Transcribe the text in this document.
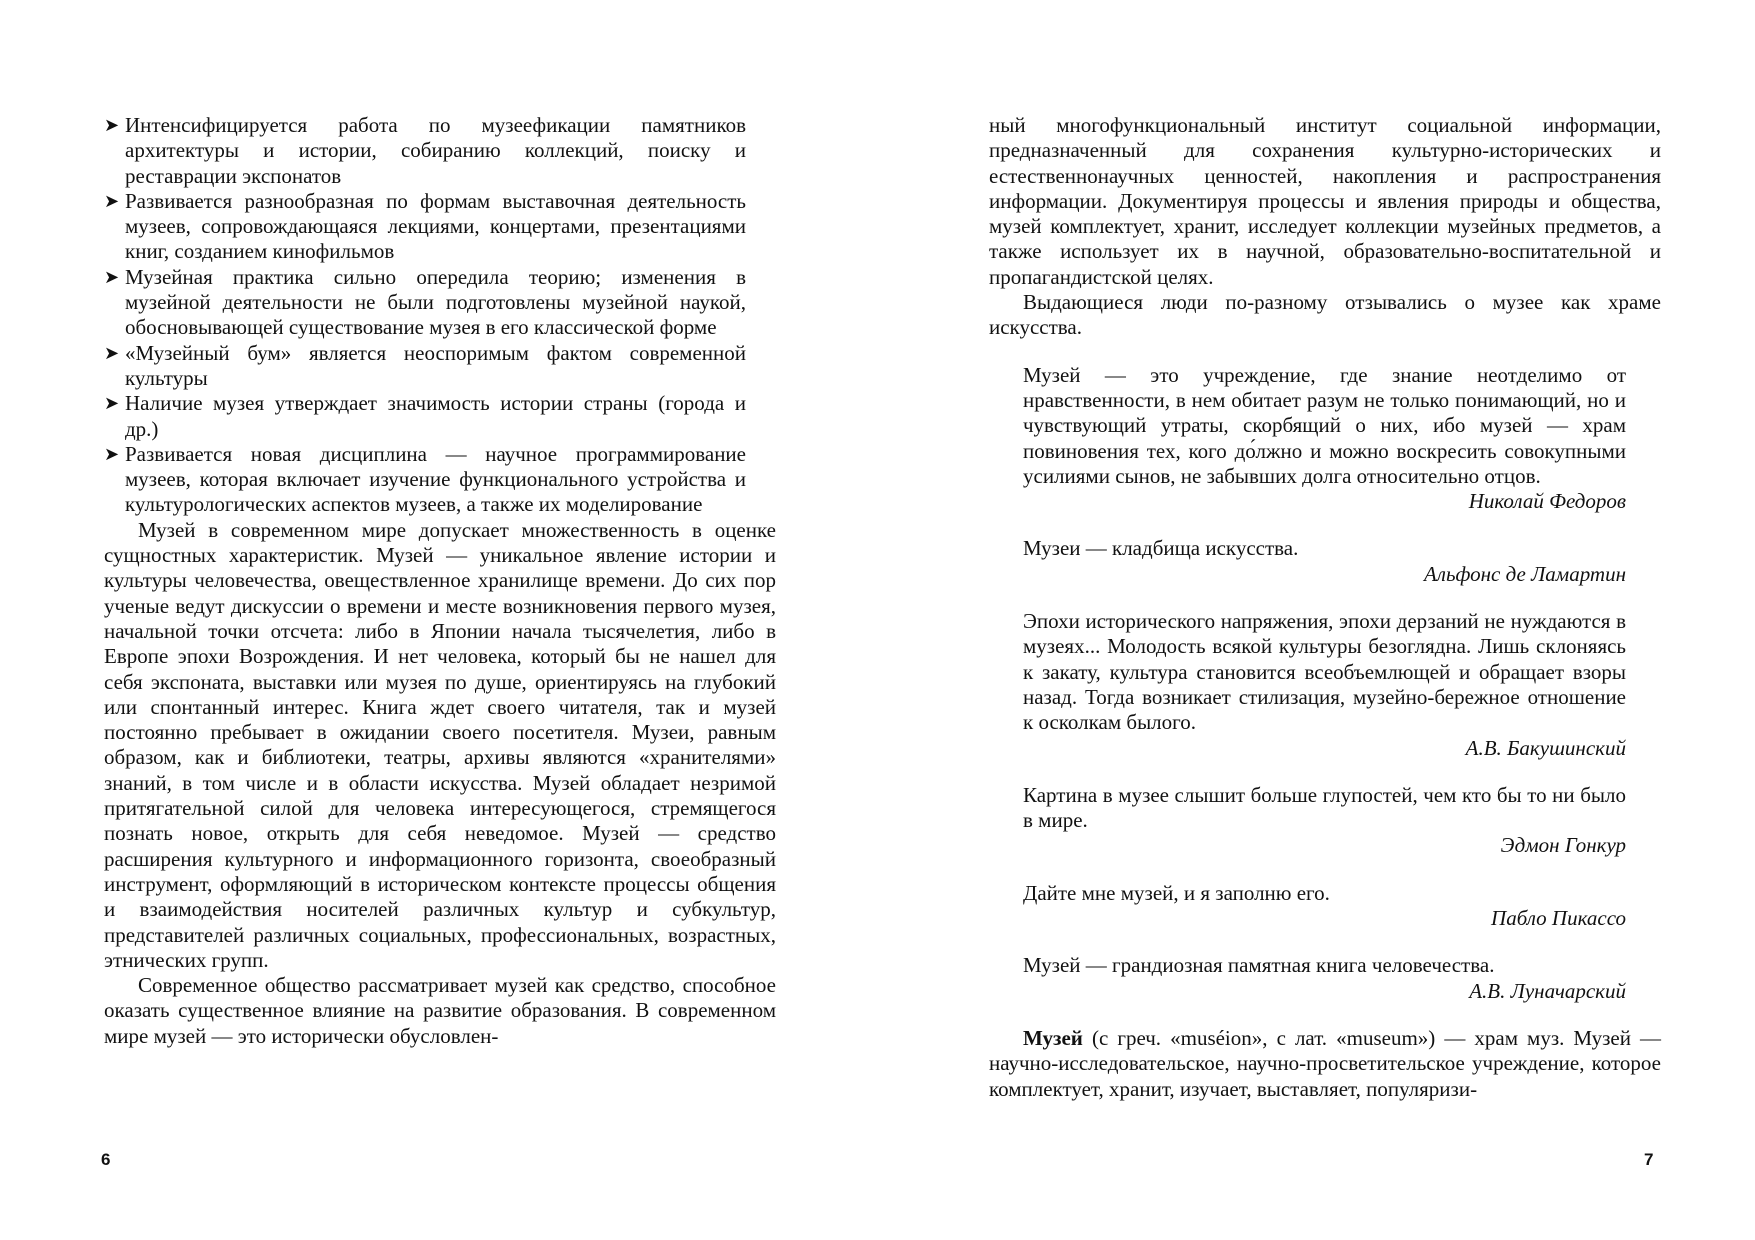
➤ Интенсифицируется работа по музеефикации памятников архитектуры и истории, собиранию коллекций, поиску и реставрации экспонатов
➤ Развивается разнообразная по формам выставочная деятельность музеев, сопровождающаяся лекциями, концертами, презентациями книг, созданием кинофильмов
➤ Музейная практика сильно опередила теорию; изменения в музейной деятельности не были подготовлены музейной наукой, обосновывающей существование музея в его классической форме
➤ «Музейный бум» является неоспоримым фактом современной культуры
➤ Наличие музея утверждает значимость истории страны (города и др.)
➤ Развивается новая дисциплина — научное программирование музеев, которая включает изучение функционального устройства и культурологических аспектов музеев, а также их моделирование

Музей в современном мире допускает множественность в оценке сущностных характеристик. Музей — уникальное явление истории и культуры человечества, овеществленное хранилище времени. До сих пор ученые ведут дискуссии о времени и месте возникновения первого музея, начальной точки отсчета: либо в Японии начала тысячелетия, либо в Европе эпохи Возрождения. И нет человека, который бы не нашел для себя экспоната, выставки или музея по душе, ориентируясь на глубокий или спонтанный интерес. Книга ждет своего читателя, так и музей постоянно пребывает в ожидании своего посетителя. Музеи, равным образом, как и библиотеки, театры, архивы являются «хранителями» знаний, в том числе и в области искусства. Музей обладает незримой притягательной силой для человека интересующегося, стремящегося познать новое, открыть для себя неведомое. Музей — средство расширения культурного и информационного горизонта, своеобразный инструмент, оформляющий в историческом контексте процессы общения и взаимодействия носителей различных культур и субкультур, представителей различных социальных, профессиональных, возрастных, этнических групп.

Современное общество рассматривает музей как средство, способное оказать существенное влияние на развитие образования. В современном мире музей — это исторически обусловлен-

6

ный многофункциональный институт социальной информации, предназначенный для сохранения культурно-исторических и естественнонаучных ценностей, накопления и распространения информации. Документируя процессы и явления природы и общества, музей комплектует, хранит, исследует коллекции музейных предметов, а также использует их в научной, образовательно-воспитательной и пропагандистской целях.

Выдающиеся люди по-разному отзывались о музее как храме искусства.

Музей — это учреждение, где знание неотделимо от нравственности, в нем обитает разум не только понимающий, но и чувствующий утраты, скорбящий о них, ибо музей — храм повиновения тех, кого до́лжно и можно воскресить совокупными усилиями сынов, не забывших долга относительно отцов.
Николай Федоров
Музеи — кладбища искусства.
Альфонс де Ламартин
Эпохи исторического напряжения, эпохи дерзаний не нуждаются в музеях... Молодость всякой культуры безоглядна. Лишь склоняясь к закату, культура становится всеобъемлющей и обращает взоры назад. Тогда возникает стилизация, музейно-бережное отношение к осколкам былого.
А.В. Бакушинский
Картина в музее слышит больше глупостей, чем кто бы то ни было в мире.
Эдмон Гонкур
Дайте мне музей, и я заполню его.
Пабло Пикассо
Музей — грандиозная памятная книга человечества.
А.В. Луначарский

Музей (с греч. «muséion», с лат. «museum») — храм муз. Музей — научно-исследовательское, научно-просветительское учреждение, которое комплектует, хранит, изучает, выставляет, популяризи-

7
